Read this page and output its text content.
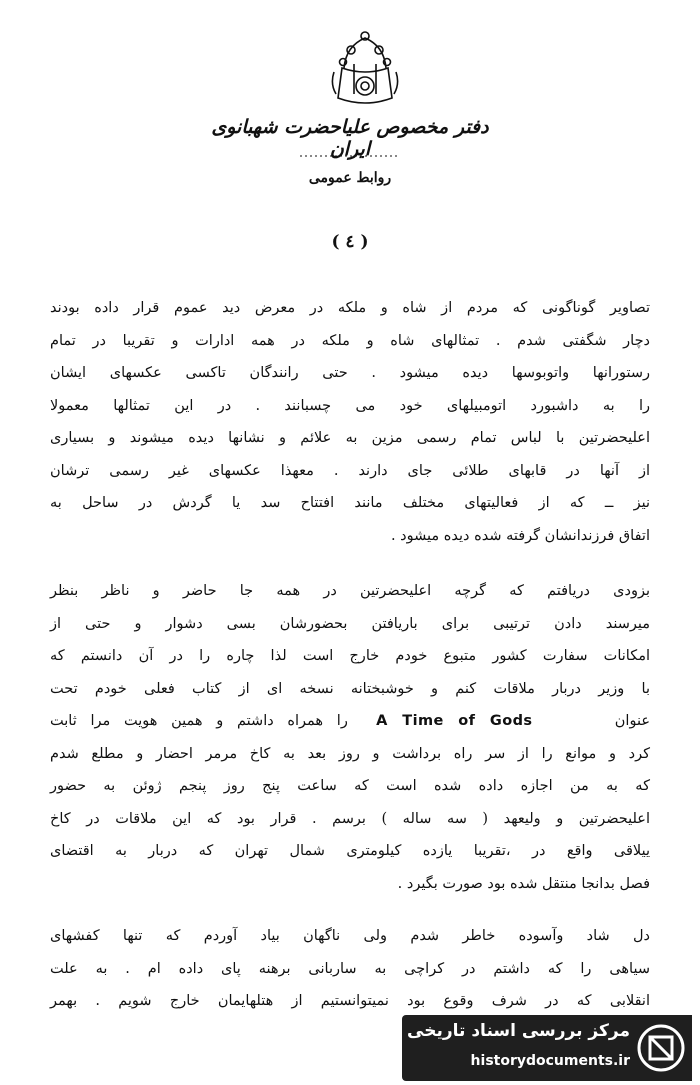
دفتر مخصوص علیاحضرت شهبانوی ایران
روابط عمومی
( ٤ )
تصاویر گوناگونی که مردم از شاه و ملکه در معرض دید عموم قرار داده بودند
دچار شگفتی شدم . تمثالهای شاه و ملکه در همه ادارات و تقریبا در تمام
رستورانها واتوبوسها دیده میشود . حتی رانندگان تاکسی عکسهای ایشان
را به داشبورد اتومبیلهای خود می چسبانند . در این تمثالها معمولا
اعلیحضرتین با لباس تمام رسمی مزین به علائم و نشانها دیده میشوند و بسیاری
از آنها در قابهای طلائی جای دارند . معهذا عکسهای غیر رسمی ترشان
نیز ــ که از فعالیتهای مختلف مانند افتتاح سد یا گردش در ساحل به
اتفاق فرزندانشان گرفته شده دیده میشود .
بزودی دریافتم که گرچه اعلیحضرتین در همه جا حاضر و ناظر بنظر
میرسند دادن ترتیبی برای باریافتن بحضورشان بسی دشوار و حتی از
امکانات سفارت کشور متبوع خودم خارج است لذا چاره را در آن دانستم که
با وزیر دربار ملاقات کنم و خوشبختانه نسخه ای از کتاب فعلی خودم تحت
عنوان      A Time of Gods  را همراه داشتم و همین هویت مرا ثابت
کرد و موانع را از سر راه برداشت و روز بعد به کاخ مرمر احضار و مطلع شدم
که به من اجازه داده شده است که ساعت پنج روز پنجم ژوئن به حضور
اعلیحضرتین و ولیعهد ( سه ساله ) برسم . قرار بود که این ملاقات در کاخ
ییلاقی واقع در ،تقریبا یازده کیلومتری شمال تهران که دربار به اقتضای
فصل بدانجا منتقل شده بود صورت بگیرد .
دل شاد وآسوده خاطر شدم ولی ناگهان بیاد آوردم که تنها کفشهای
سیاهی را که داشتم در کراچی به ساربانی برهنه پای داده ام . به علت
انقلابی که در شرف وقوع بود نمیتوانستیم از هتلهایمان خارج شویم . بهمر
مرکز بررسی اسناد تاریخی
historydocuments.ir
